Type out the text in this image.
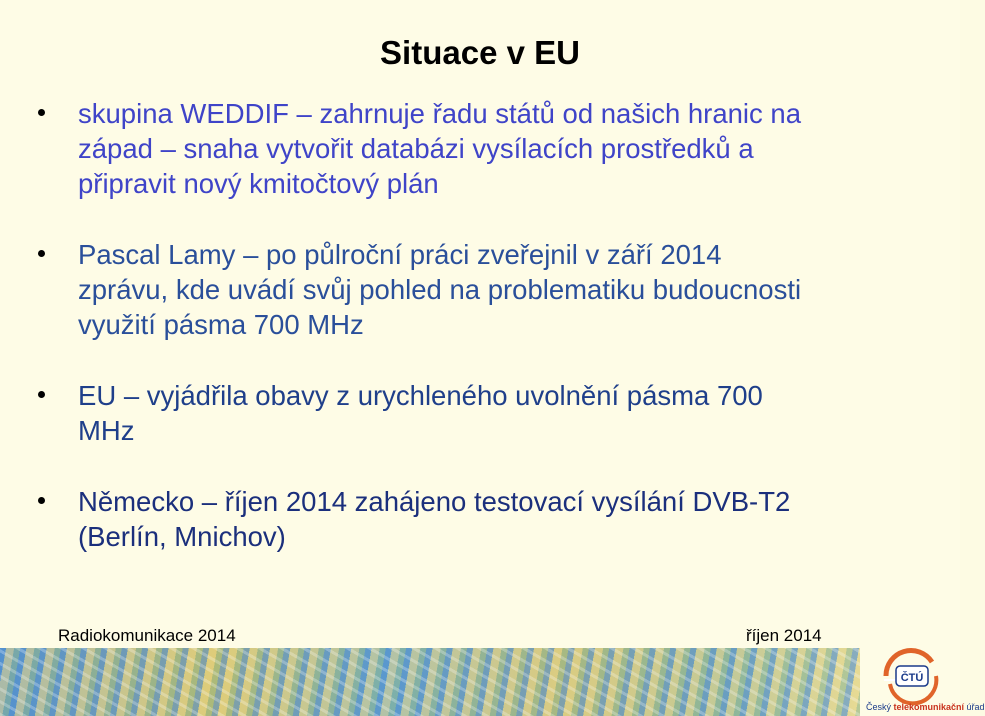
Situace v EU
skupina WEDDIF – zahrnuje řadu států od našich hranic na
západ – snaha vytvořit databázi vysílacích prostředků a
připravit nový kmitočtový plán
Pascal Lamy – po půlroční práci zveřejnil v září 2014
zprávu, kde uvádí svůj pohled na problematiku budoucnosti
využití pásma 700 MHz
EU – vyjádřila obavy z urychleného uvolnění pásma 700
MHz
Německo – říjen 2014 zahájeno testovací vysílání DVB-T2
(Berlín, Mnichov)
Radiokomunikace 2014	říjen 2014
ČTÚ
Český telekomunikační úřad
